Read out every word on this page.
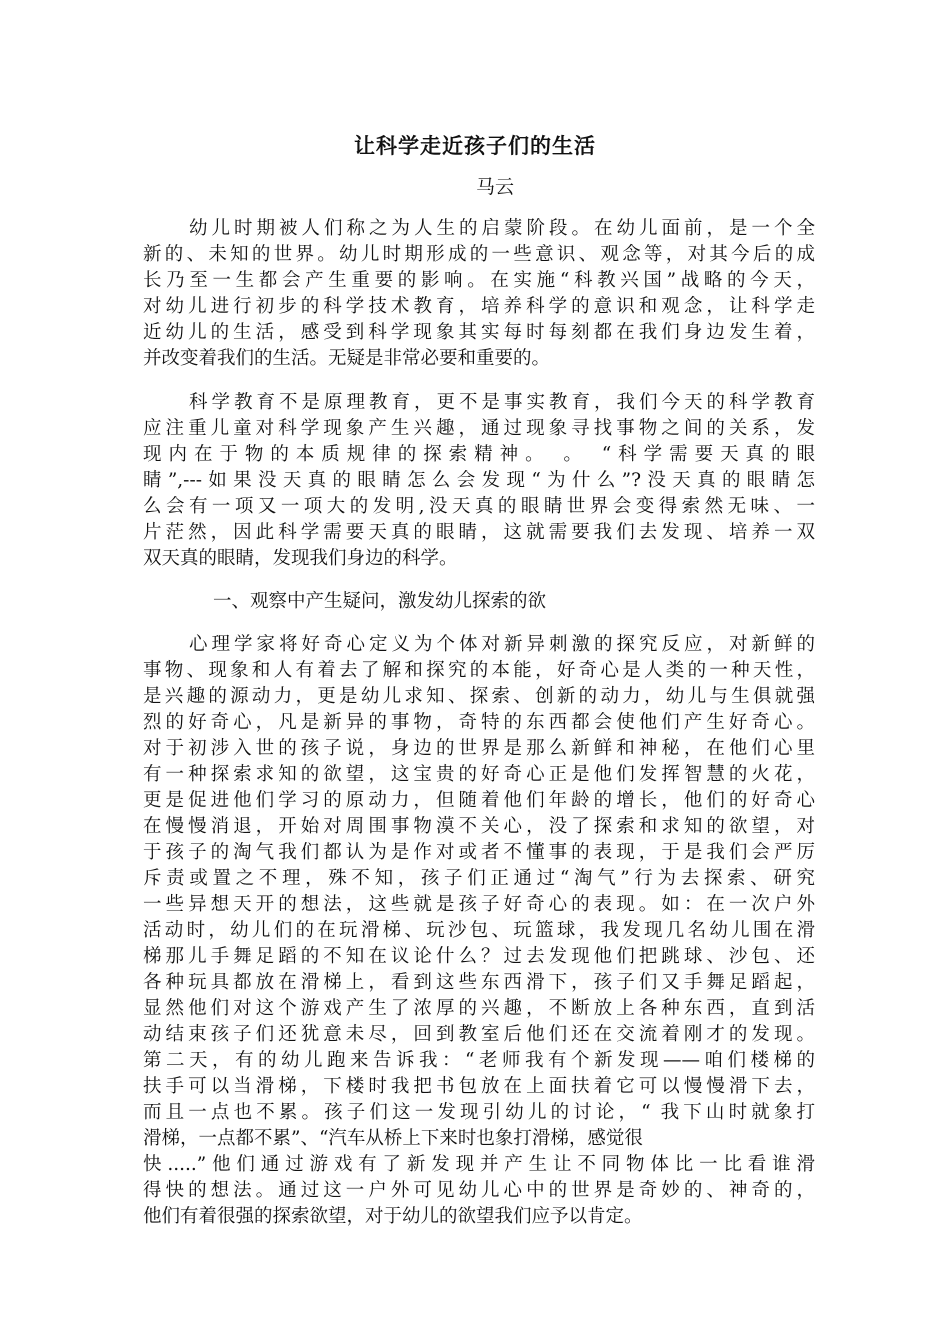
让科学走近孩子们的生活
马云
幼儿时期被人们称之为人生的启蒙阶段。在幼儿面前，是一个全
新的、未知的世界。幼儿时期形成的一些意识、观念等，对其今后的成
长乃至一生都会产生重要的影响。在实施“科教兴国”战略的今天，
对幼儿进行初步的科学技术教育，培养科学的意识和观念，让科学走
近幼儿的生活，感受到科学现象其实每时每刻都在我们身边发生着，
并改变着我们的生活。无疑是非常必要和重要的。
科学教育不是原理教育，更不是事实教育，我们今天的科学教育
应注重儿童对科学现象产生兴趣，通过现象寻找事物之间的关系，发
现内在于物的本质规律的探索精神。 。 “科学需要天真的眼
睛”,---如果没天真的眼睛怎么会发现“为什么”?没天真的眼睛怎
么会有一项又一项大的发明,没天真的眼睛世界会变得索然无味、一
片茫然，因此科学需要天真的眼睛，这就需要我们去发现、培养一双
双天真的眼睛，发现我们身边的科学。
一、观察中产生疑问，激发幼儿探索的欲
心理学家将好奇心定义为个体对新异刺激的探究反应，对新鲜的
事物、现象和人有着去了解和探究的本能，好奇心是人类的一种天性，
是兴趣的源动力，更是幼儿求知、探索、创新的动力，幼儿与生俱就强
烈的好奇心，凡是新异的事物，奇特的东西都会使他们产生好奇心。
对于初涉入世的孩子说，身边的世界是那么新鲜和神秘，在他们心里
有一种探索求知的欲望，这宝贵的好奇心正是他们发挥智慧的火花，
更是促进他们学习的原动力，但随着他们年龄的增长，他们的好奇心
在慢慢消退，开始对周围事物漠不关心，没了探索和求知的欲望，对
于孩子的淘气我们都认为是作对或者不懂事的表现，于是我们会严厉
斥责或置之不理，殊不知，孩子们正通过“淘气”行为去探索、研究
一些异想天开的想法，这些就是孩子好奇心的表现。如：在一次户外
活动时，幼儿们的在玩滑梯、玩沙包、玩篮球，我发现几名幼儿围在滑
梯那儿手舞足蹈的不知在议论什么？过去发现他们把跳球、沙包、还
各种玩具都放在滑梯上，看到这些东西滑下，孩子们又手舞足蹈起，
显然他们对这个游戏产生了浓厚的兴趣，不断放上各种东西，直到活
动结束孩子们还犹意未尽，回到教室后他们还在交流着刚才的发现。
第二天，有的幼儿跑来告诉我：“老师我有个新发现——咱们楼梯的
扶手可以当滑梯，下楼时我把书包放在上面扶着它可以慢慢滑下去，
而且一点也不累。孩子们这一发现引幼儿的讨论，“ 我下山时就象打
滑梯，一点都不累”、“汽车从桥上下来时也象打滑梯，感觉很
快.....”他们通过游戏有了新发现并产生让不同物体比一比看谁滑
得快的想法。通过这一户外可见幼儿心中的世界是奇妙的、神奇的，
他们有着很强的探索欲望，对于幼儿的欲望我们应予以肯定。
